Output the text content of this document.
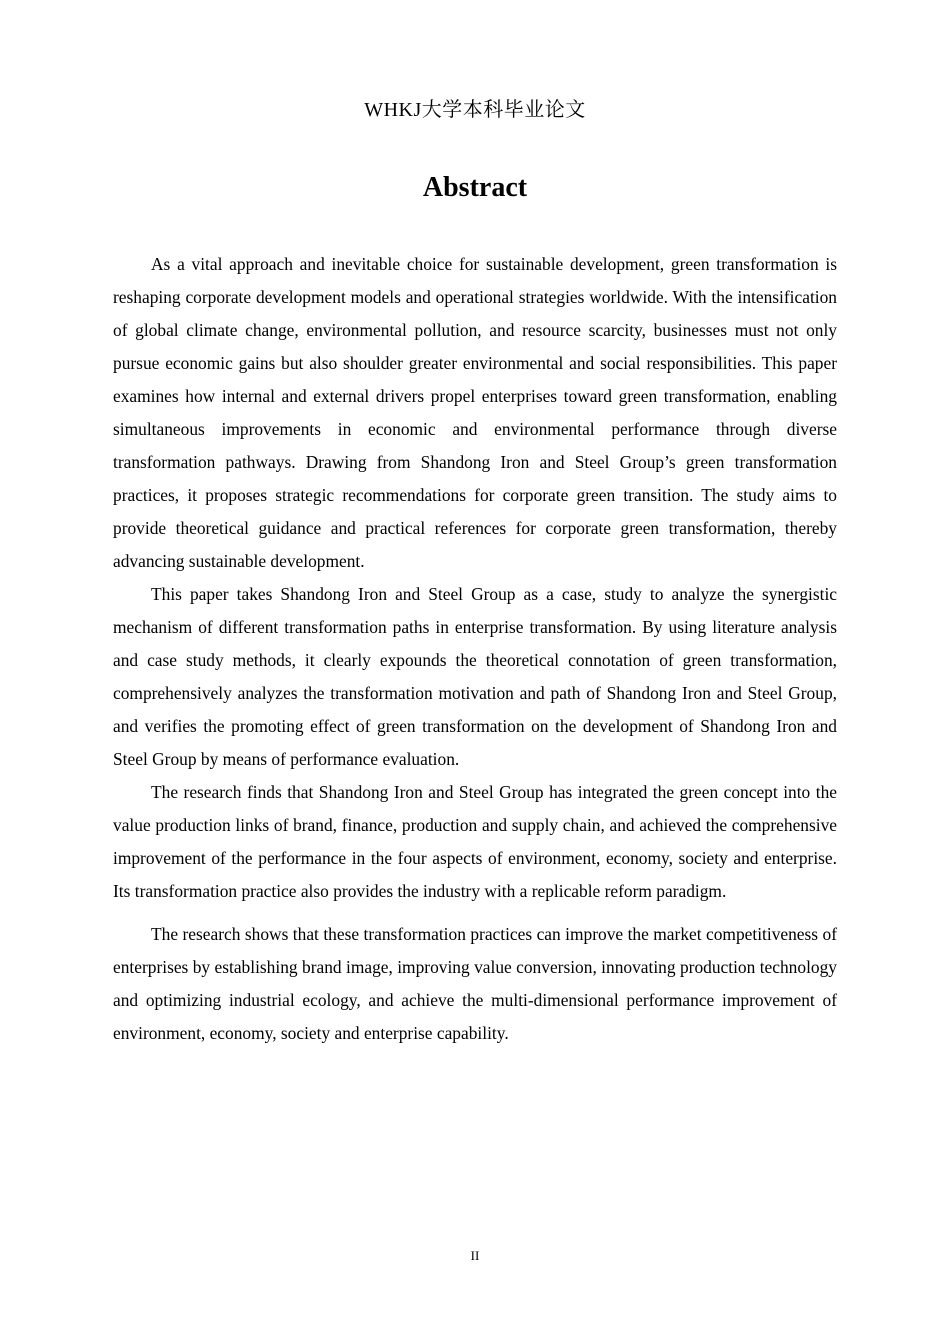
WHKJ大学本科毕业论文
Abstract

As a vital approach and inevitable choice for sustainable development, green transformation is reshaping corporate development models and operational strategies worldwide. With the intensification of global climate change, environmental pollution, and resource scarcity, businesses must not only pursue economic gains but also shoulder greater environmental and social responsibilities. This paper examines how internal and external drivers propel enterprises toward green transformation, enabling simultaneous improvements in economic and environmental performance through diverse transformation pathways. Drawing from Shandong Iron and Steel Group’s green transformation practices, it proposes strategic recommendations for corporate green transition. The study aims to provide theoretical guidance and practical references for corporate green transformation, thereby advancing sustainable development.

This paper takes Shandong Iron and Steel Group as a case, study to analyze the synergistic mechanism of different transformation paths in enterprise transformation. By using literature analysis and case study methods, it clearly expounds the theoretical connotation of green transformation, comprehensively analyzes the transformation motivation and path of Shandong Iron and Steel Group, and verifies the promoting effect of green transformation on the development of Shandong Iron and Steel Group by means of performance evaluation.

The research finds that Shandong Iron and Steel Group has integrated the green concept into the value production links of brand, finance, production and supply chain, and achieved the comprehensive improvement of the performance in the four aspects of environment, economy, society and enterprise. Its transformation practice also provides the industry with a replicable reform paradigm.

The research shows that these transformation practices can improve the market competitiveness of enterprises by establishing brand image, improving value conversion, innovating production technology and optimizing industrial ecology, and achieve the multi-dimensional performance improvement of environment, economy, society and enterprise capability.

II
